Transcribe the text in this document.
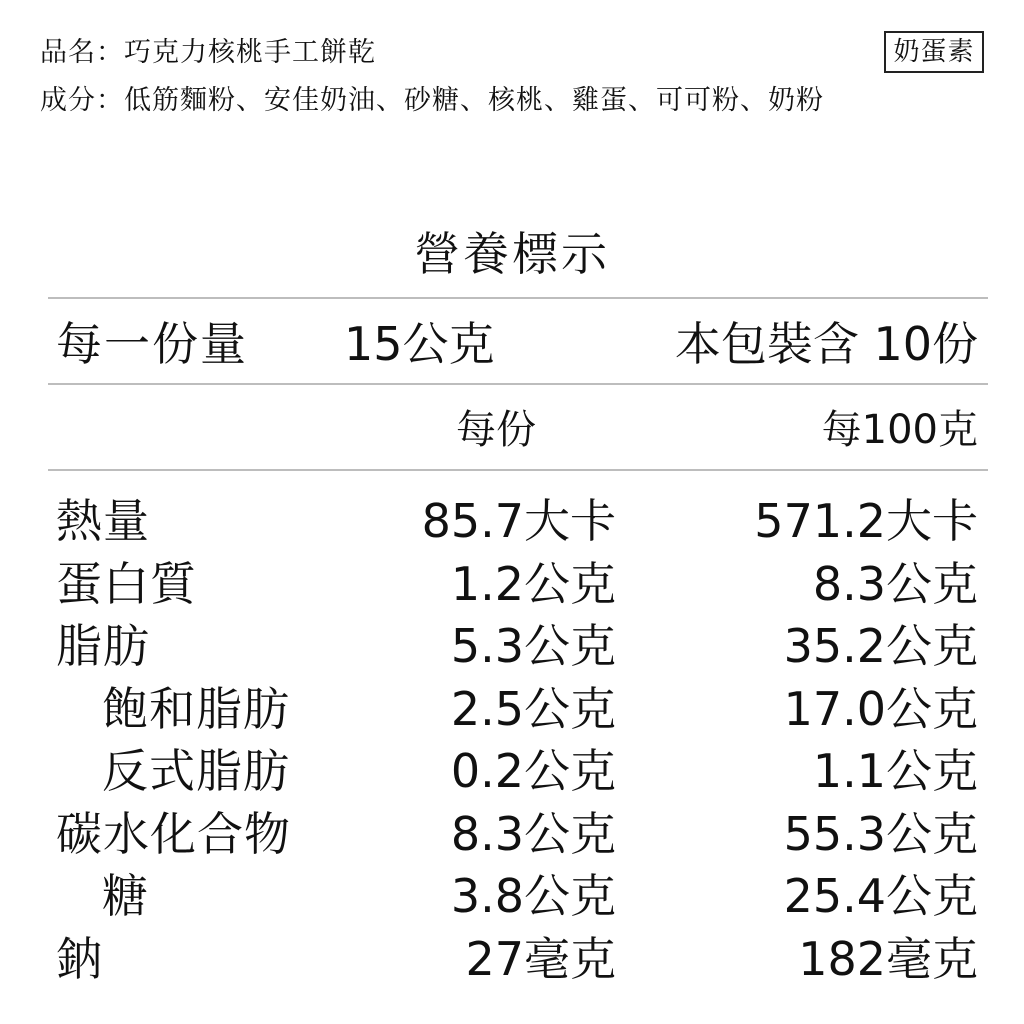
品名：巧克力核桃手工餅乾
成分：低筋麵粉、安佳奶油、砂糖、核桃、雞蛋、可可粉、奶粉
奶蛋素
營養標示
每一份量 15公克	本包裝含 10份
每份	每100克
熱量	85.7大卡	571.2大卡
蛋白質	1.2公克	8.3公克
脂肪	5.3公克	35.2公克
飽和脂肪	2.5公克	17.0公克
反式脂肪	0.2公克	1.1公克
碳水化合物	8.3公克	55.3公克
糖	3.8公克	25.4公克
鈉	27毫克	182毫克
